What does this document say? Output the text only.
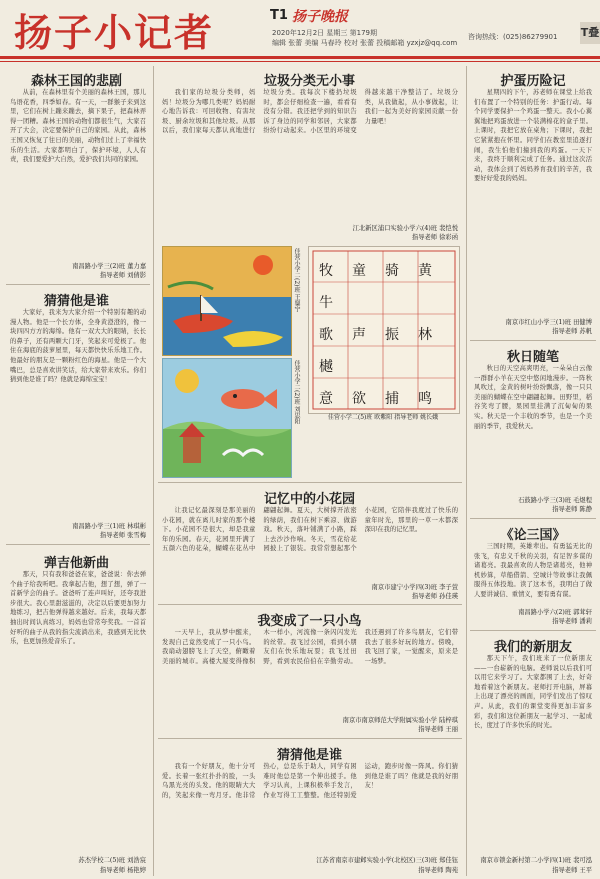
扬子小记者	T1 扬子晚报
2020年12月2日 星期三 第179期
编辑 张蕾 美编 马春玲 校对 张蕾 投稿邮箱 yzxjz@qq.com
咨询热线：(025)86279901 T叠
森林王国的悲剧

从前，在森林里有个美丽的森林王国，那儿鸟语花香，四季如春。有一天，一群猴子来到这里，它们在树上蹦来蹦去，摘下果子，把森林弄得一团糟。森林王国的动物们都很生气，大家召开了大会，决定要保护自己的家园。从此，森林王国又恢复了往日的美丽，动物们过上了幸福快乐的生活。大家都明白了，保护环境，人人有责，我们要爱护大自然，爱护我们共同的家园。

南昌路小学三(2)班 董力嘉
指导老师 刘倩影
猜猜他是谁

大家好，我来为大家介绍一个特别有趣的动漫人物。他是一个长方体，全身黄澄澄的，像一块四四方方的海绵。他有一双大大的眼睛，长长的鼻子，还有两颗大门牙，笑起来可爱极了。他住在海底的菠萝屋里，每天都快快乐乐地工作。他最好的朋友是一颗粉红色的海星。他是一个大嘴巴，总是喜欢讲笑话，给大家带来欢乐。你们猜到他是谁了吗？他就是海绵宝宝！

南昌路小学三(1)班 林琪彬
指导老师 张雪梅
弹吉他新曲

那天，只有我和爸爸在家，爸爸说：你去弹个曲子给我听吧。我拿起吉他，想了想，弹了一首新学会的曲子。爸爸听了连声叫好，还夸我进步很大。我心里甜滋滋的，决定以后要更加努力地练习，把吉他弹得越来越好。后来，我每天都抽出时间认真练习，妈妈也常常夸奖我。一首首好听的曲子从我的指尖流淌出来，我感到无比快乐，也更加热爱音乐了。

苏杰学校二(5)班 刘浩宸
指导老师 杨艳婷
垃圾分类无小事

我们家的垃圾分类师，妈妈！垃圾分为哪几类呢？妈妈耐心地告诉我：可回收物、有害垃圾、厨余垃圾和其他垃圾。从那以后，我们家每天都认真地进行垃圾分类。我每次下楼扔垃圾时，都会仔细检查一遍，看看有没有分错。我还把学到的知识告诉了身边的同学和邻居，大家都纷纷行动起来。小区里的环境变得越来越干净整洁了。垃圾分类，从我做起，从小事做起，让我们一起为美好的家园贡献一份力量吧！

江北新区浦口实验小学六(4)班 裴恺悦
指导老师 徐彩函
佳营小学二(2)班 王鋆宁
佳营小学二(2)班 刘思阳
牧童骑黄牛
歌声振林樾
意欲捕鸣
佳营小学二(5)班 欧紫阳 指导老师 姚长娥
记忆中的小花园

让我记忆最深刻是那美丽的小花园，就在离儿时家的那个楼下。小花园不是很大，却是我童年的乐园。春天，花园里开满了五颜六色的花朵，蝴蝶在花丛中翩翩起舞。夏天，大树撑开浓密的绿荫，我们在树下乘凉、做游戏。秋天，落叶铺满了小路，踩上去沙沙作响。冬天，雪花给花园披上了银装。我常常想起那个小花园，它陪伴我度过了快乐的童年时光，那里的一草一木都深深印在我的记忆里。

南京市建宁小学四(3)班 李子萱
指导老师 孙佳瑛
我变成了一只小鸟

一天早上，我从梦中醒来，发现自己竟然变成了一只小鸟。我扇动翅膀飞上了天空，俯瞰着美丽的城市。高楼大厦变得像积木一样小，河流像一条闪闪发光的丝带。我飞过公园，看到小朋友们在快乐地玩耍；我飞过田野，看到农民伯伯在辛勤劳动。我还遇到了许多鸟朋友，它们带我去了很多好玩的地方。傍晚，我飞回了家，一觉醒来，原来是一场梦。

南京市南京师范大学附属实验小学 陆梓琪
指导老师 王丽
猜猜他是谁

我有一个好朋友，他十分可爱。长着一张红扑扑的脸，一头乌黑光亮的头发。他的眼睛大大的，笑起来像一弯月牙。他非常热心，总是乐于助人，同学有困难时他总是第一个伸出援手。他学习认真，上课积极举手发言，作业写得工工整整。他还特别爱运动，跑步时像一阵风。你们猜到他是谁了吗？他就是我的好朋友！

江苏省南京市建邺实验小学(北校区)三(3)班 郑佳钰
指导老师 陶苑
护蛋历险记

星期四的下午，苏老师在课堂上给我们布置了一个特别的任务：护蛋行动。每个同学要保护一个鸡蛋一整天。我小心翼翼地把鸡蛋放进一个装满棉花的盒子里。上课时，我把它放在桌角；下课时，我把它紧紧抱在怀里。同学们在教室里追逐打闹，我生怕他们撞到我的鸡蛋。一天下来，我终于顺利完成了任务。通过这次活动，我体会到了妈妈养育我们的辛苦，我要好好爱我的妈妈。

南京市红山小学三(1)班 田健博
指导老师 苏帆
秋日随笔

秋日的天空高爽明亮，一朵朵白云像一群群小羊在天空中悠闲地漫步。一阵秋风吹过，金黄的树叶纷纷飘落，像一只只美丽的蝴蝶在空中翩翩起舞。田野里，稻谷笑弯了腰，果园里挂满了沉甸甸的果实。秋天是一个丰收的季节，也是一个美丽的季节，我爱秋天。

石鼓路小学三(3)班 毛煜程
指导老师 陈静
《论三国》

三国时期，英雄辈出。有勇猛无比的张飞，有忠义千秋的关羽，有足智多谋的诸葛亮。我最喜欢的人物是诸葛亮，他神机妙算，草船借箭、空城计等故事让我佩服得五体投地。读了这本书，我明白了做人要讲诚信、重情义，要有勇有谋。

南昌路小学六(2)班 郭茸轩
指导老师 潘莉
我们的新朋友

那天下午，我们班来了一位新朋友——一台崭新的电脑。老师说以后我们可以用它来学习了。大家都围了上去，好奇地看着这个新朋友。老师打开电脑，屏幕上出现了漂亮的画面，同学们发出了惊叹声。从此，我们的课堂变得更加丰富多彩，我们和这位新朋友一起学习、一起成长，度过了许多快乐的时光。

南京市锁金新村第二小学四(1)班 裴可泓
指导老师 王平
